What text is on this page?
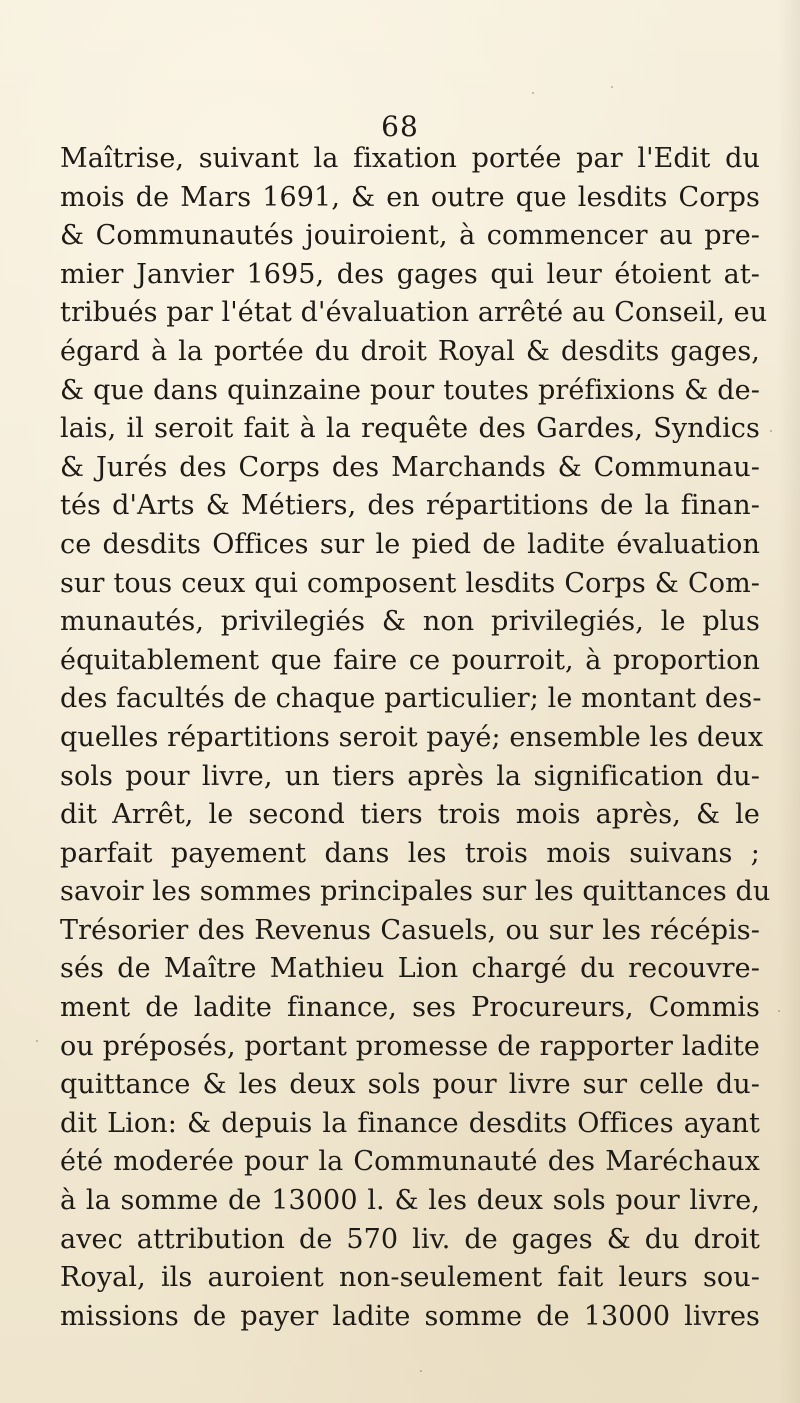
68
Maîtrise, suivant la fixation portée par l'Edit du
mois de Mars 1691, & en outre que lesdits Corps
& Communautés jouiroient, à commencer au pre-
mier Janvier 1695, des gages qui leur étoient at-
tribués par l'état d'évaluation arrêté au Conseil, eu
égard à la portée du droit Royal & desdits gages,
& que dans quinzaine pour toutes préfixions & de-
lais, il seroit fait à la requête des Gardes, Syndics
& Jurés des Corps des Marchands & Communau-
tés d'Arts & Métiers, des répartitions de la finan-
ce desdits Offices sur le pied de ladite évaluation
sur tous ceux qui composent lesdits Corps & Com-
munautés, privilegiés & non privilegiés, le plus
équitablement que faire ce pourroit, à proportion
des facultés de chaque particulier; le montant des-
quelles répartitions seroit payé; ensemble les deux
sols pour livre, un tiers après la signification du-
dit Arrêt, le second tiers trois mois après, & le
parfait payement dans les trois mois suivans ;
savoir les sommes principales sur les quittances du
Trésorier des Revenus Casuels, ou sur les récépis-
sés de Maître Mathieu Lion chargé du recouvre-
ment de ladite finance, ses Procureurs, Commis
ou préposés, portant promesse de rapporter ladite
quittance & les deux sols pour livre sur celle du-
dit Lion: & depuis la finance desdits Offices ayant
été moderée pour la Communauté des Maréchaux
à la somme de 13000 l. & les deux sols pour livre,
avec attribution de 570 liv. de gages & du droit
Royal, ils auroient non-seulement fait leurs sou-
missions de payer ladite somme de 13000 livres
